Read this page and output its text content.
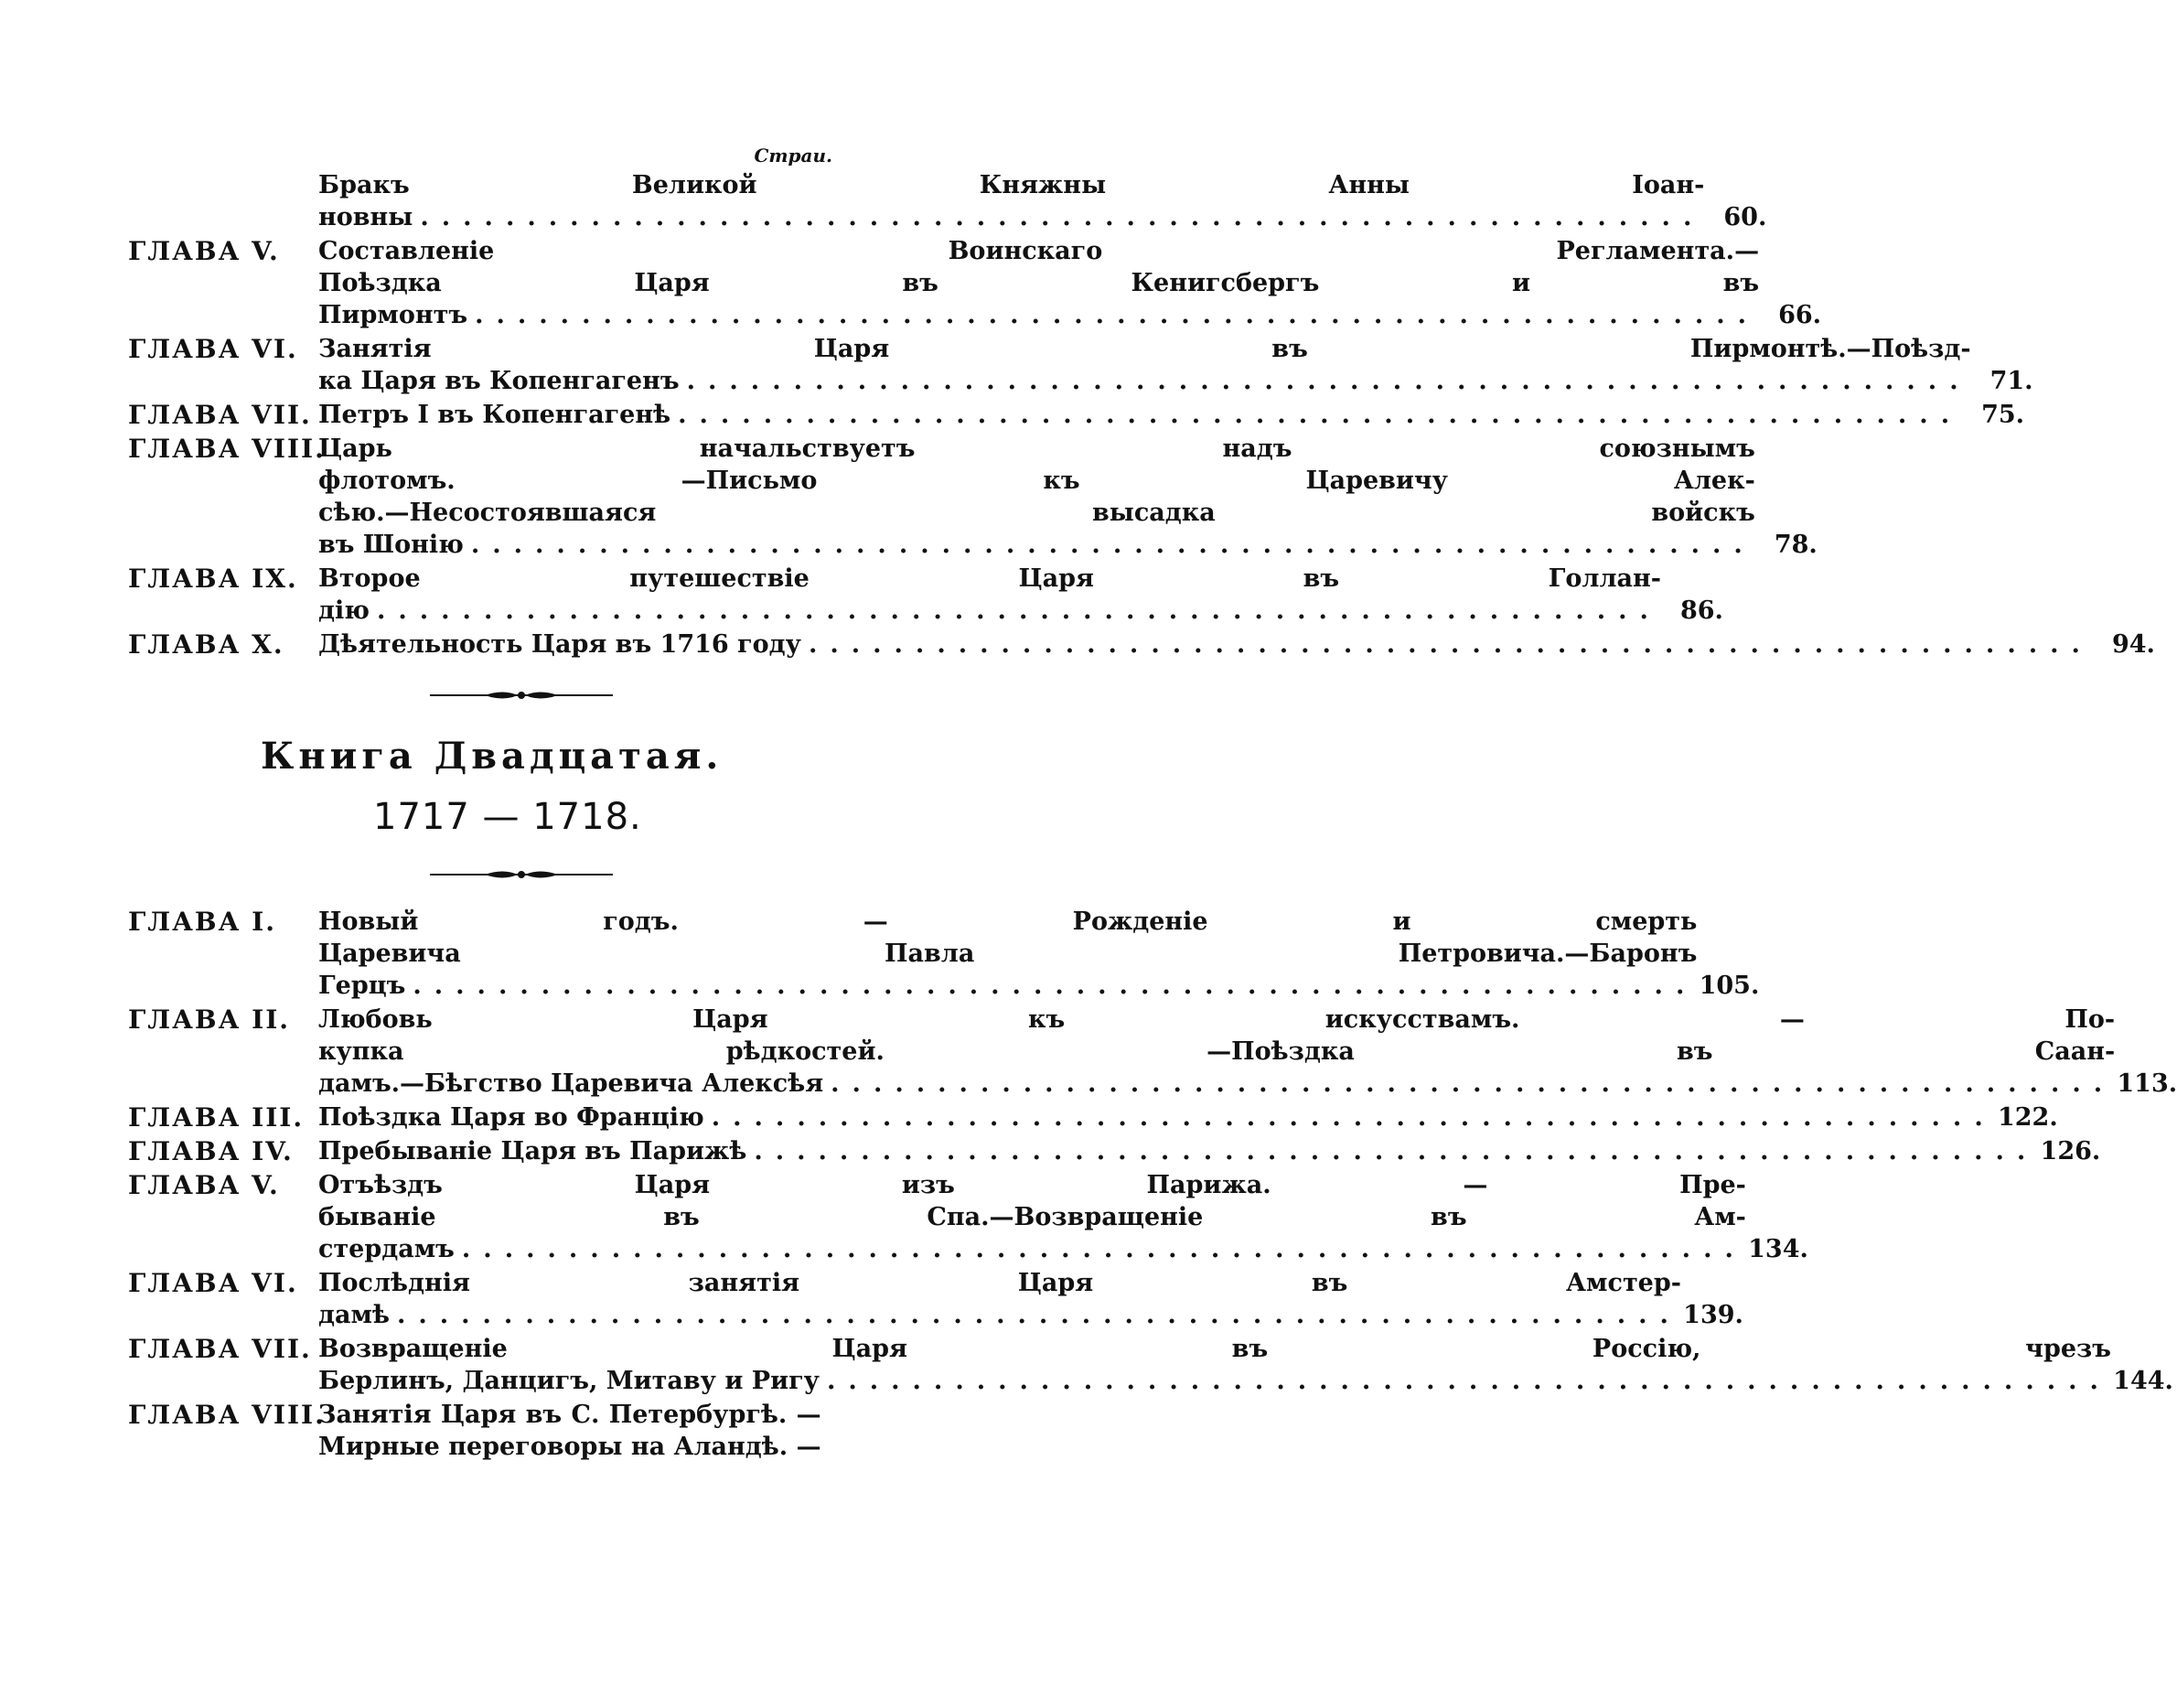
Страи.
Бракъ Великой Княжны Анны Іоан-
новны ............................................................ 60.
ГЛАВА V.	Составленіе Воинскаго Регламента.—
Поѣздка Царя въ Кенигсбергъ и въ
Пирмонтъ ............................................................ 66.
ГЛАВА VI. Занятія Царя въ Пирмонтѣ.—Поѣзд-
ка Царя въ Копенгагенъ ............................................................ 71.
ГЛАВА VII. Петръ I въ Копенгагенѣ ............................................................ 75.
ГЛАВА VIII.
Царь начальствуетъ надъ союзнымъ
флотомъ. —Письмо къ Царевичу Алек-
сѣю.—Несостоявшаяся высадка войскъ
въ Шонію ............................................................ 78.
ГЛАВА IX. Второе путешествіе Царя въ Голлан-
дію ............................................................ 86.
ГЛАВА X.	Дѣятельность Царя въ 1716 году ............................................................ 94.
Книга Двадцатая.
1717 — 1718.
ГЛАВА I.	Новый годъ. — Рожденіе и смерть
Царевича Павла Петровича.—Баронъ
Герцъ ............................................................ 105.
ГЛАВА II.	Любовь Царя къ искусствамъ. — По-
купка рѣдкостей. —Поѣздка въ Саан-
дамъ.—Бѣгство Царевича Алексѣя ............................................................ 113.
ГЛАВА III. Поѣздка Царя во Францію ............................................................ 122.
ГЛАВА IV.	Пребываніе Царя въ Парижѣ ............................................................ 126.
ГЛАВА V.	Отъѣздъ Царя изъ Парижа. — Пре-
бываніе въ Спа.—Возвращеніе въ Ам-
стердамъ ............................................................ 134.
ГЛАВА VI. Послѣднія занятія Царя въ Амстер-
дамѣ ............................................................ 139.
ГЛАВА VII. Возвращеніе Царя въ Россію, чрезъ
Берлинъ, Данцигъ, Митаву и Ригу ............................................................ 144.
ГЛАВА VIII.
Занятія Царя въ С. Петербургѣ. —
Мирные переговоры на Аландѣ. —
